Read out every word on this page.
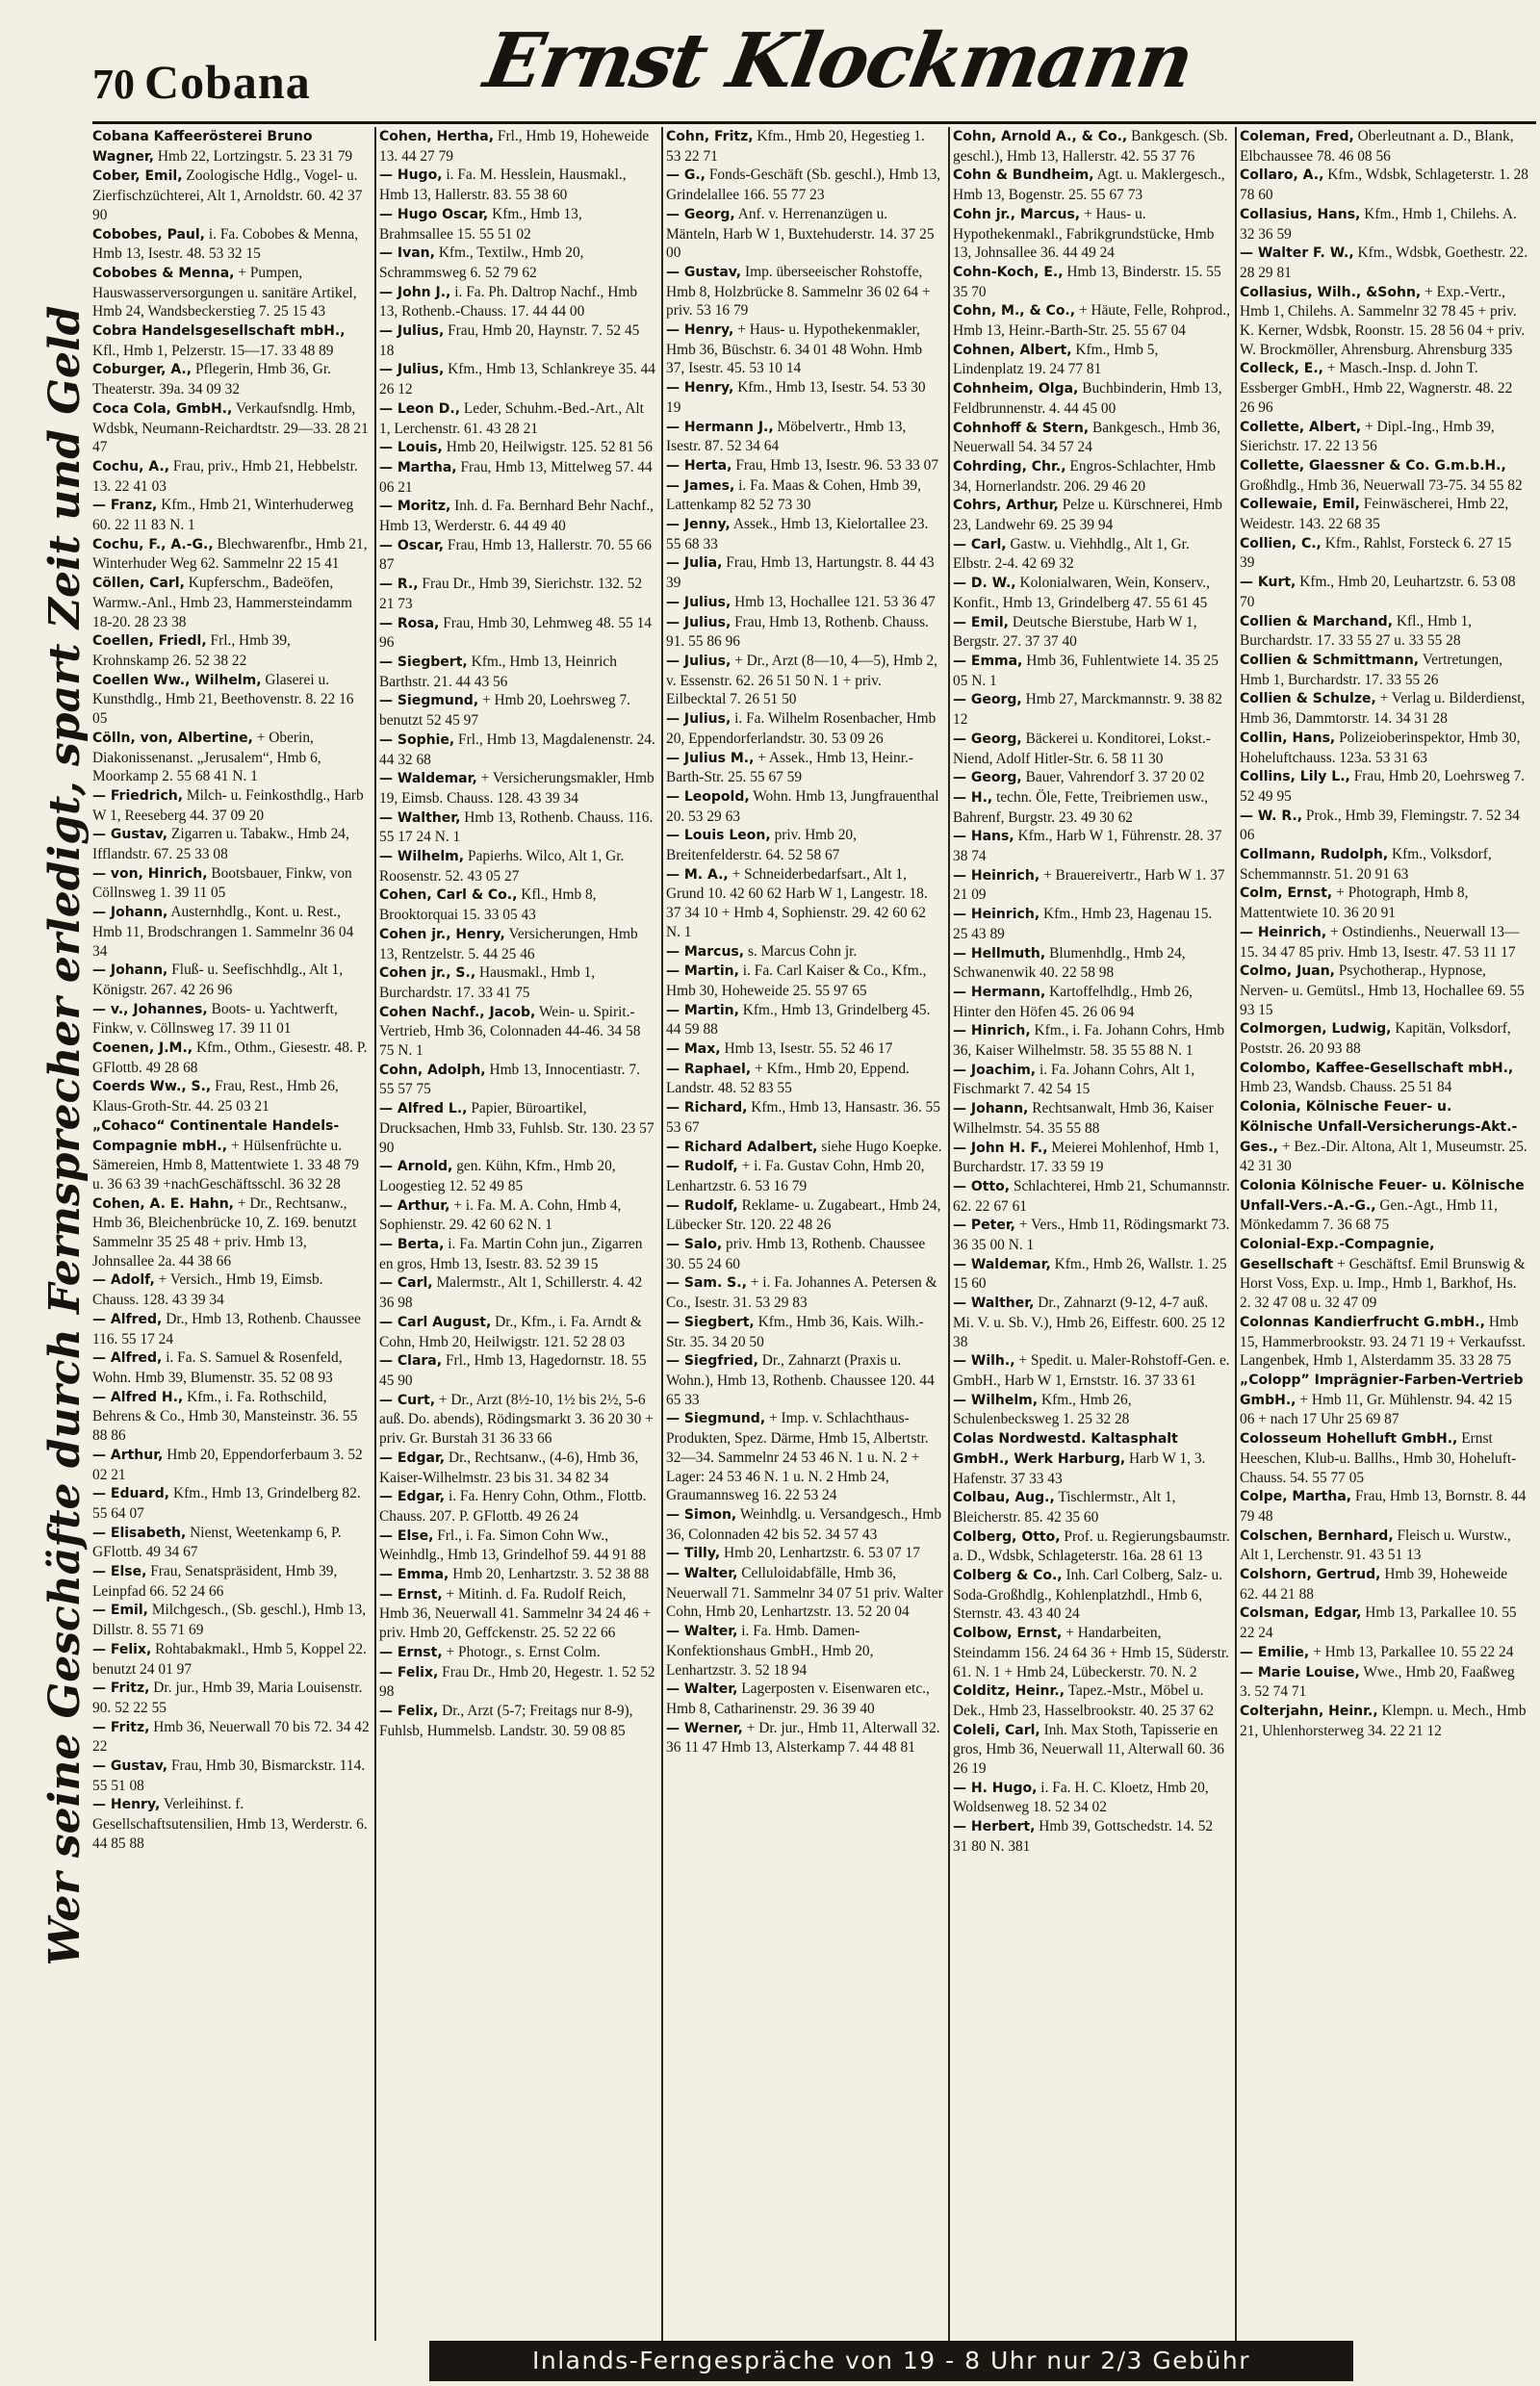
70 Cobana Ernst Klockmann
Wer seine Geschäfte durch Fernsprecher erledigt, spart Zeit und Geld

Cobana Kaffeerösterei Bruno Wagner, Hmb 22, Lortzingstr. 5. 23 31 79

Cober, Emil, Zoologische Hdlg., Vogel- u. Zierfischzüchterei, Alt 1, Arnoldstr. 60. 42 37 90

Cobobes, Paul, i. Fa. Cobobes & Menna, Hmb 13, Isestr. 48. 53 32 15

Cobobes & Menna, + Pumpen, Hauswasserversorgungen u. sanitäre Artikel, Hmb 24, Wandsbeckerstieg 7. 25 15 43

Cobra Handelsgesellschaft mbH., Kfl., Hmb 1, Pelzerstr. 15—17. 33 48 89

Coburger, A., Pflegerin, Hmb 36, Gr. Theaterstr. 39a. 34 09 32

Coca Cola, GmbH., Verkaufsndlg. Hmb, Wdsbk, Neumann-Reichardtstr. 29—33. 28 21 47

Cochu, A., Frau, priv., Hmb 21, Hebbelstr. 13. 22 41 03

— Franz, Kfm., Hmb 21, Winterhuderweg 60. 22 11 83 N. 1

Cochu, F., A.-G., Blechwarenfbr., Hmb 21, Winterhuder Weg 62. Sammelnr 22 15 41

Cöllen, Carl, Kupferschm., Badeöfen, Warmw.-Anl., Hmb 23, Hammersteindamm 18-20. 28 23 38

Coellen, Friedl, Frl., Hmb 39, Krohnskamp 26. 52 38 22

Coellen Ww., Wilhelm, Glaserei u. Kunsthdlg., Hmb 21, Beethovenstr. 8. 22 16 05

Cölln, von, Albertine, + Oberin, Diakonissenanst. „Jerusalem“, Hmb 6, Moorkamp 2. 55 68 41 N. 1

— Friedrich, Milch- u. Feinkosthdlg., Harb W 1, Reeseberg 44. 37 09 20

— Gustav, Zigarren u. Tabakw., Hmb 24, Ifflandstr. 67. 25 33 08

— von, Hinrich, Bootsbauer, Finkw, von Cöllnsweg 1. 39 11 05

— Johann, Austernhdlg., Kont. u. Rest., Hmb 11, Brodschrangen 1. Sammelnr 36 04 34

— Johann, Fluß- u. Seefischhdlg., Alt 1, Königstr. 267. 42 26 96

— v., Johannes, Boots- u. Yachtwerft, Finkw, v. Cöllnsweg 17. 39 11 01

Coenen, J.M., Kfm., Othm., Giesestr. 48. P. GFlottb. 49 28 68

Coerds Ww., S., Frau, Rest., Hmb 26, Klaus-Groth-Str. 44. 25 03 21

„Cohaco“ Continentale Handels-Compagnie mbH., + Hülsenfrüchte u. Sämereien, Hmb 8, Mattentwiete 1. 33 48 79 u. 36 63 39 +nachGeschäftsschl. 36 32 28

Cohen, A. E. Hahn, + Dr., Rechtsanw., Hmb 36, Bleichenbrücke 10, Z. 169. benutzt Sammelnr 35 25 48 + priv. Hmb 13, Johnsallee 2a. 44 38 66

— Adolf, + Versich., Hmb 19, Eimsb. Chauss. 128. 43 39 34

— Alfred, Dr., Hmb 13, Rothenb. Chaussee 116. 55 17 24

— Alfred, i. Fa. S. Samuel & Rosenfeld, Wohn. Hmb 39, Blumenstr. 35. 52 08 93

— Alfred H., Kfm., i. Fa. Rothschild, Behrens & Co., Hmb 30, Mansteinstr. 36. 55 88 86

— Arthur, Hmb 20, Eppendorferbaum 3. 52 02 21

— Eduard, Kfm., Hmb 13, Grindelberg 82. 55 64 07

— Elisabeth, Nienst, Weetenkamp 6, P. GFlottb. 49 34 67

— Else, Frau, Senatspräsident, Hmb 39, Leinpfad 66. 52 24 66

— Emil, Milchgesch., (Sb. geschl.), Hmb 13, Dillstr. 8. 55 71 69

— Felix, Rohtabakmakl., Hmb 5, Koppel 22. benutzt 24 01 97

— Fritz, Dr. jur., Hmb 39, Maria Louisenstr. 90. 52 22 55

— Fritz, Hmb 36, Neuerwall 70 bis 72. 34 42 22

— Gustav, Frau, Hmb 30, Bismarckstr. 114. 55 51 08

— Henry, Verleihinst. f. Gesellschaftsutensilien, Hmb 13, Werderstr. 6. 44 85 88

Cohen, Hertha, Frl., Hmb 19, Hoheweide 13. 44 27 79

— Hugo, i. Fa. M. Hesslein, Hausmakl., Hmb 13, Hallerstr. 83. 55 38 60

— Hugo Oscar, Kfm., Hmb 13, Brahmsallee 15. 55 51 02

— Ivan, Kfm., Textilw., Hmb 20, Schrammsweg 6. 52 79 62

— John J., i. Fa. Ph. Daltrop Nachf., Hmb 13, Rothenb.-Chauss. 17. 44 44 00

— Julius, Frau, Hmb 20, Haynstr. 7. 52 45 18

— Julius, Kfm., Hmb 13, Schlankreye 35. 44 26 12

— Leon D., Leder, Schuhm.-Bed.-Art., Alt 1, Lerchenstr. 61. 43 28 21

— Louis, Hmb 20, Heilwigstr. 125. 52 81 56

— Martha, Frau, Hmb 13, Mittelweg 57. 44 06 21

— Moritz, Inh. d. Fa. Bernhard Behr Nachf., Hmb 13, Werderstr. 6. 44 49 40

— Oscar, Frau, Hmb 13, Hallerstr. 70. 55 66 87

— R., Frau Dr., Hmb 39, Sierichstr. 132. 52 21 73

— Rosa, Frau, Hmb 30, Lehmweg 48. 55 14 96

— Siegbert, Kfm., Hmb 13, Heinrich Barthstr. 21. 44 43 56

— Siegmund, + Hmb 20, Loehrsweg 7. benutzt 52 45 97

— Sophie, Frl., Hmb 13, Magdalenenstr. 24. 44 32 68

— Waldemar, + Versicherungsmakler, Hmb 19, Eimsb. Chauss. 128. 43 39 34

— Walther, Hmb 13, Rothenb. Chauss. 116. 55 17 24 N. 1

— Wilhelm, Papierhs. Wilco, Alt 1, Gr. Roosenstr. 52. 43 05 27

Cohen, Carl & Co., Kfl., Hmb 8, Brooktorquai 15. 33 05 43

Cohen jr., Henry, Versicherungen, Hmb 13, Rentzelstr. 5. 44 25 46

Cohen jr., S., Hausmakl., Hmb 1, Burchardstr. 17. 33 41 75

Cohen Nachf., Jacob, Wein- u. Spirit.-Vertrieb, Hmb 36, Colonnaden 44-46. 34 58 75 N. 1

Cohn, Adolph, Hmb 13, Innocentiastr. 7. 55 57 75

— Alfred L., Papier, Büroartikel, Drucksachen, Hmb 33, Fuhlsb. Str. 130. 23 57 90

— Arnold, gen. Kühn, Kfm., Hmb 20, Loogestieg 12. 52 49 85

— Arthur, + i. Fa. M. A. Cohn, Hmb 4, Sophienstr. 29. 42 60 62 N. 1

— Berta, i. Fa. Martin Cohn jun., Zigarren en gros, Hmb 13, Isestr. 83. 52 39 15

— Carl, Malermstr., Alt 1, Schillerstr. 4. 42 36 98

— Carl August, Dr., Kfm., i. Fa. Arndt & Cohn, Hmb 20, Heilwigstr. 121. 52 28 03

— Clara, Frl., Hmb 13, Hagedornstr. 18. 55 45 90

— Curt, + Dr., Arzt (8½-10, 1½ bis 2½, 5-6 auß. Do. abends), Rödingsmarkt 3. 36 20 30 + priv. Gr. Burstah 31 36 33 66

— Edgar, Dr., Rechtsanw., (4-6), Hmb 36, Kaiser-Wilhelmstr. 23 bis 31. 34 82 34

— Edgar, i. Fa. Henry Cohn, Othm., Flottb. Chauss. 207. P. GFlottb. 49 26 24

— Else, Frl., i. Fa. Simon Cohn Ww., Weinhdlg., Hmb 13, Grindelhof 59. 44 91 88

— Emma, Hmb 20, Lenhartzstr. 3. 52 38 88

— Ernst, + Mitinh. d. Fa. Rudolf Reich, Hmb 36, Neuerwall 41. Sammelnr 34 24 46 + priv. Hmb 20, Geffckenstr. 25. 52 22 66

— Ernst, + Photogr., s. Ernst Colm.

— Felix, Frau Dr., Hmb 20, Hegestr. 1. 52 52 98

— Felix, Dr., Arzt (5-7; Freitags nur 8-9), Fuhlsb, Hummelsb. Landstr. 30. 59 08 85

Cohn, Fritz, Kfm., Hmb 20, Hegestieg 1. 53 22 71

— G., Fonds-Geschäft (Sb. geschl.), Hmb 13, Grindelallee 166. 55 77 23

— Georg, Anf. v. Herrenanzügen u. Mänteln, Harb W 1, Buxtehuderstr. 14. 37 25 00

— Gustav, Imp. überseeischer Rohstoffe, Hmb 8, Holzbrücke 8. Sammelnr 36 02 64 + priv. 53 16 79

— Henry, + Haus- u. Hypothekenmakler, Hmb 36, Büschstr. 6. 34 01 48 Wohn. Hmb 37, Isestr. 45. 53 10 14

— Henry, Kfm., Hmb 13, Isestr. 54. 53 30 19

— Hermann J., Möbelvertr., Hmb 13, Isestr. 87. 52 34 64

— Herta, Frau, Hmb 13, Isestr. 96. 53 33 07

— James, i. Fa. Maas & Cohen, Hmb 39, Lattenkamp 82 52 73 30

— Jenny, Assek., Hmb 13, Kielortallee 23. 55 68 33

— Julia, Frau, Hmb 13, Hartungstr. 8. 44 43 39

— Julius, Hmb 13, Hochallee 121. 53 36 47

— Julius, Frau, Hmb 13, Rothenb. Chauss. 91. 55 86 96

— Julius, + Dr., Arzt (8—10, 4—5), Hmb 2, v. Essenstr. 62. 26 51 50 N. 1 + priv. Eilbecktal 7. 26 51 50

— Julius, i. Fa. Wilhelm Rosenbacher, Hmb 20, Eppendorferlandstr. 30. 53 09 26

— Julius M., + Assek., Hmb 13, Heinr.-Barth-Str. 25. 55 67 59

— Leopold, Wohn. Hmb 13, Jungfrauenthal 20. 53 29 63

— Louis Leon, priv. Hmb 20, Breitenfelderstr. 64. 52 58 67

— M. A., + Schneiderbedarfsart., Alt 1, Grund 10. 42 60 62 Harb W 1, Langestr. 18. 37 34 10 + Hmb 4, Sophienstr. 29. 42 60 62 N. 1

— Marcus, s. Marcus Cohn jr.

— Martin, i. Fa. Carl Kaiser & Co., Kfm., Hmb 30, Hoheweide 25. 55 97 65

— Martin, Kfm., Hmb 13, Grindelberg 45. 44 59 88

— Max, Hmb 13, Isestr. 55. 52 46 17

— Raphael, + Kfm., Hmb 20, Eppend. Landstr. 48. 52 83 55

— Richard, Kfm., Hmb 13, Hansastr. 36. 55 53 67

— Richard Adalbert, siehe Hugo Koepke.

— Rudolf, + i. Fa. Gustav Cohn, Hmb 20, Lenhartzstr. 6. 53 16 79

— Rudolf, Reklame- u. Zugabeart., Hmb 24, Lübecker Str. 120. 22 48 26

— Salo, priv. Hmb 13, Rothenb. Chaussee 30. 55 24 60

— Sam. S., + i. Fa. Johannes A. Petersen & Co., Isestr. 31. 53 29 83

— Siegbert, Kfm., Hmb 36, Kais. Wilh.-Str. 35. 34 20 50

— Siegfried, Dr., Zahnarzt (Praxis u. Wohn.), Hmb 13, Rothenb. Chaussee 120. 44 65 33

— Siegmund, + Imp. v. Schlachthaus-Produkten, Spez. Därme, Hmb 15, Albertstr. 32—34. Sammelnr 24 53 46 N. 1 u. N. 2 + Lager: 24 53 46 N. 1 u. N. 2 Hmb 24, Graumannsweg 16. 22 53 24

— Simon, Weinhdlg. u. Versandgesch., Hmb 36, Colonnaden 42 bis 52. 34 57 43

— Tilly, Hmb 20, Lenhartzstr. 6. 53 07 17

— Walter, Celluloidabfälle, Hmb 36, Neuerwall 71. Sammelnr 34 07 51 priv. Walter Cohn, Hmb 20, Lenhartzstr. 13. 52 20 04

— Walter, i. Fa. Hmb. Damen-Konfektionshaus GmbH., Hmb 20, Lenhartzstr. 3. 52 18 94

— Walter, Lagerposten v. Eisenwaren etc., Hmb 8, Catharinenstr. 29. 36 39 40

— Werner, + Dr. jur., Hmb 11, Alterwall 32. 36 11 47 Hmb 13, Alsterkamp 7. 44 48 81

Cohn, Arnold A., & Co., Bankgesch. (Sb. geschl.), Hmb 13, Hallerstr. 42. 55 37 76

Cohn & Bundheim, Agt. u. Maklergesch., Hmb 13, Bogenstr. 25. 55 67 73

Cohn jr., Marcus, + Haus- u. Hypothekenmakl., Fabrikgrundstücke, Hmb 13, Johnsallee 36. 44 49 24

Cohn-Koch, E., Hmb 13, Binderstr. 15. 55 35 70

Cohn, M., & Co., + Häute, Felle, Rohprod., Hmb 13, Heinr.-Barth-Str. 25. 55 67 04

Cohnen, Albert, Kfm., Hmb 5, Lindenplatz 19. 24 77 81

Cohnheim, Olga, Buchbinderin, Hmb 13, Feldbrunnenstr. 4. 44 45 00

Cohnhoff & Stern, Bankgesch., Hmb 36, Neuerwall 54. 34 57 24

Cohrding, Chr., Engros-Schlachter, Hmb 34, Hornerlandstr. 206. 29 46 20

Cohrs, Arthur, Pelze u. Kürschnerei, Hmb 23, Landwehr 69. 25 39 94

— Carl, Gastw. u. Viehhdlg., Alt 1, Gr. Elbstr. 2-4. 42 69 32

— D. W., Kolonialwaren, Wein, Konserv., Konfit., Hmb 13, Grindelberg 47. 55 61 45

— Emil, Deutsche Bierstube, Harb W 1, Bergstr. 27. 37 37 40

— Emma, Hmb 36, Fuhlentwiete 14. 35 25 05 N. 1

— Georg, Hmb 27, Marckmannstr. 9. 38 82 12

— Georg, Bäckerei u. Konditorei, Lokst.-Niend, Adolf Hitler-Str. 6. 58 11 30

— Georg, Bauer, Vahrendorf 3. 37 20 02

— H., techn. Öle, Fette, Treibriemen usw., Bahrenf, Burgstr. 23. 49 30 62

— Hans, Kfm., Harb W 1, Führenstr. 28. 37 38 74

— Heinrich, + Brauereivertr., Harb W 1. 37 21 09

— Heinrich, Kfm., Hmb 23, Hagenau 15. 25 43 89

— Hellmuth, Blumenhdlg., Hmb 24, Schwanenwik 40. 22 58 98

— Hermann, Kartoffelhdlg., Hmb 26, Hinter den Höfen 45. 26 06 94

— Hinrich, Kfm., i. Fa. Johann Cohrs, Hmb 36, Kaiser Wilhelmstr. 58. 35 55 88 N. 1

— Joachim, i. Fa. Johann Cohrs, Alt 1, Fischmarkt 7. 42 54 15

— Johann, Rechtsanwalt, Hmb 36, Kaiser Wilhelmstr. 54. 35 55 88

— John H. F., Meierei Mohlenhof, Hmb 1, Burchardstr. 17. 33 59 19

— Otto, Schlachterei, Hmb 21, Schumannstr. 62. 22 67 61

— Peter, + Vers., Hmb 11, Rödingsmarkt 73. 36 35 00 N. 1

— Waldemar, Kfm., Hmb 26, Wallstr. 1. 25 15 60

— Walther, Dr., Zahnarzt (9-12, 4-7 auß. Mi. V. u. Sb. V.), Hmb 26, Eiffestr. 600. 25 12 38

— Wilh., + Spedit. u. Maler-Rohstoff-Gen. e. GmbH., Harb W 1, Ernststr. 16. 37 33 61

— Wilhelm, Kfm., Hmb 26, Schulenbecksweg 1. 25 32 28

Colas Nordwestd. Kaltasphalt GmbH., Werk Harburg, Harb W 1, 3. Hafenstr. 37 33 43

Colbau, Aug., Tischlermstr., Alt 1, Bleicherstr. 85. 42 35 60

Colberg, Otto, Prof. u. Regierungsbaumstr. a. D., Wdsbk, Schlageterstr. 16a. 28 61 13

Colberg & Co., Inh. Carl Colberg, Salz- u. Soda-Großhdlg., Kohlenplatzhdl., Hmb 6, Sternstr. 43. 43 40 24

Colbow, Ernst, + Handarbeiten, Steindamm 156. 24 64 36 + Hmb 15, Süderstr. 61. N. 1 + Hmb 24, Lübeckerstr. 70. N. 2

Colditz, Heinr., Tapez.-Mstr., Möbel u. Dek., Hmb 23, Hasselbrookstr. 40. 25 37 62

Coleli, Carl, Inh. Max Stoth, Tapisserie en gros, Hmb 36, Neuerwall 11, Alterwall 60. 36 26 19

— H. Hugo, i. Fa. H. C. Kloetz, Hmb 20, Woldsenweg 18. 52 34 02

— Herbert, Hmb 39, Gottschedstr. 14. 52 31 80 N. 381

Coleman, Fred, Oberleutnant a. D., Blank, Elbchaussee 78. 46 08 56

Collaro, A., Kfm., Wdsbk, Schlageterstr. 1. 28 78 60

Collasius, Hans, Kfm., Hmb 1, Chilehs. A. 32 36 59

— Walter F. W., Kfm., Wdsbk, Goethestr. 22. 28 29 81

Collasius, Wilh., &Sohn, + Exp.-Vertr., Hmb 1, Chilehs. A. Sammelnr 32 78 45 + priv. K. Kerner, Wdsbk, Roonstr. 15. 28 56 04 + priv. W. Brockmöller, Ahrensburg. Ahrensburg 335

Colleck, E., + Masch.-Insp. d. John T. Essberger GmbH., Hmb 22, Wagnerstr. 48. 22 26 96

Collette, Albert, + Dipl.-Ing., Hmb 39, Sierichstr. 17. 22 13 56

Collette, Glaessner & Co. G.m.b.H., Großhdlg., Hmb 36, Neuerwall 73-75. 34 55 82

Collewaie, Emil, Feinwäscherei, Hmb 22, Weidestr. 143. 22 68 35

Collien, C., Kfm., Rahlst, Forsteck 6. 27 15 39

— Kurt, Kfm., Hmb 20, Leuhartzstr. 6. 53 08 70

Collien & Marchand, Kfl., Hmb 1, Burchardstr. 17. 33 55 27 u. 33 55 28

Collien & Schmittmann, Vertretungen, Hmb 1, Burchardstr. 17. 33 55 26

Collien & Schulze, + Verlag u. Bilderdienst, Hmb 36, Dammtorstr. 14. 34 31 28

Collin, Hans, Polizeioberinspektor, Hmb 30, Hoheluftchauss. 123a. 53 31 63

Collins, Lily L., Frau, Hmb 20, Loehrsweg 7. 52 49 95

— W. R., Prok., Hmb 39, Flemingstr. 7. 52 34 06

Collmann, Rudolph, Kfm., Volksdorf, Schemmannstr. 51. 20 91 63

Colm, Ernst, + Photograph, Hmb 8, Mattentwiete 10. 36 20 91

— Heinrich, + Ostindienhs., Neuerwall 13—15. 34 47 85 priv. Hmb 13, Isestr. 47. 53 11 17

Colmo, Juan, Psychotherap., Hypnose, Nerven- u. Gemütsl., Hmb 13, Hochallee 69. 55 93 15

Colmorgen, Ludwig, Kapitän, Volksdorf, Poststr. 26. 20 93 88

Colombo, Kaffee-Gesellschaft mbH., Hmb 23, Wandsb. Chauss. 25 51 84

Colonia, Kölnische Feuer- u. Kölnische Unfall-Versicherungs-Akt.-Ges., + Bez.-Dir. Altona, Alt 1, Museumstr. 25. 42 31 30

Colonia Kölnische Feuer- u. Kölnische Unfall-Vers.-A.-G., Gen.-Agt., Hmb 11, Mönkedamm 7. 36 68 75

Colonial-Exp.-Compagnie, Gesellschaft + Geschäftsf. Emil Brunswig & Horst Voss, Exp. u. Imp., Hmb 1, Barkhof, Hs. 2. 32 47 08 u. 32 47 09

Colonnas Kandierfrucht G.mbH., Hmb 15, Hammerbrookstr. 93. 24 71 19 + Verkaufsst. Langenbek, Hmb 1, Alsterdamm 35. 33 28 75

„Coloppˮ Imprägnier-Farben-Vertrieb GmbH., + Hmb 11, Gr. Mühlenstr. 94. 42 15 06 + nach 17 Uhr 25 69 87

Colosseum Hohelluft GmbH., Ernst Heeschen, Klub-u. Ballhs., Hmb 30, Hoheluft-Chauss. 54. 55 77 05

Colpe, Martha, Frau, Hmb 13, Bornstr. 8. 44 79 48

Colschen, Bernhard, Fleisch u. Wurstw., Alt 1, Lerchenstr. 91. 43 51 13

Colshorn, Gertrud, Hmb 39, Hoheweide 62. 44 21 88

Colsman, Edgar, Hmb 13, Parkallee 10. 55 22 24

— Emilie, + Hmb 13, Parkallee 10. 55 22 24

— Marie Louise, Wwe., Hmb 20, Faaßweg 3. 52 74 71

Colterjahn, Heinr., Klempn. u. Mech., Hmb 21, Uhlenhorsterweg 34. 22 21 12

Inlands-Ferngespräche von 19 - 8 Uhr nur 2/3 Gebühr
